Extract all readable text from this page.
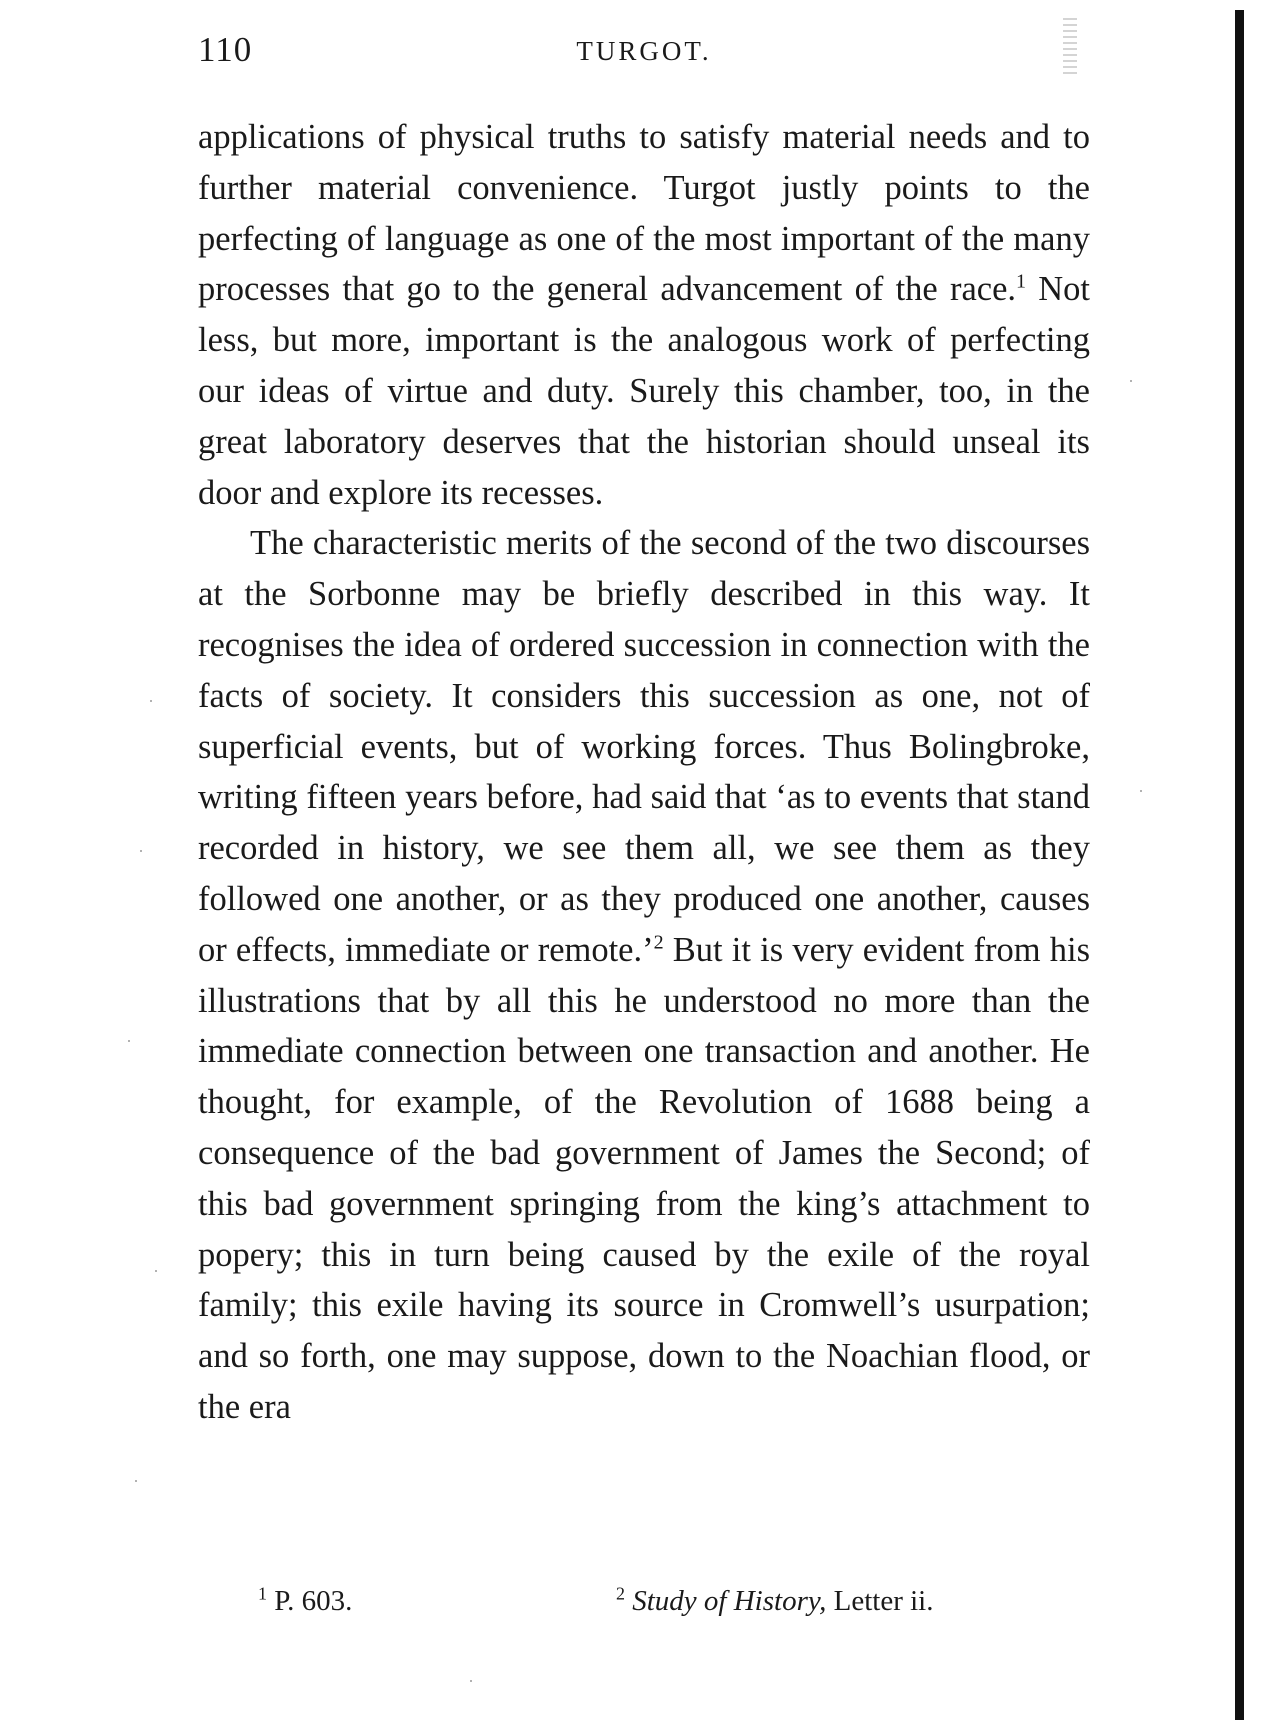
110	TURGOT.

applications of physical truths to satisfy material needs and to further material convenience. Turgot justly points to the perfecting of language as one of the most important of the many processes that go to the general advancement of the race.$^1$ Not less, but more, important is the analogous work of perfecting our ideas of virtue and duty. Surely this chamber, too, in the great laboratory deserves that the historian should unseal its door and explore its recesses.

The characteristic merits of the second of the two discourses at the Sorbonne may be briefly described in this way. It recognises the idea of ordered succession in connection with the facts of society. It considers this succession as one, not of superficial events, but of working forces. Thus Bolingbroke, writing fifteen years before, had said that ‘as to events that stand recorded in history, we see them all, we see them as they followed one another, or as they produced one another, causes or effects, immediate or remote.’$^2$ But it is very evident from his illustrations that by all this he understood no more than the immediate connection between one transaction and another. He thought, for example, of the Revolution of 1688 being a consequence of the bad government of James the Second; of this bad government springing from the king’s attachment to popery; this in turn being caused by the exile of the royal family; this exile having its source in Cromwell’s usurpation; and so forth, one may suppose, down to the Noachian flood, or the era

$^1$ P. 603.	$^2$ Study of History, Letter ii.
